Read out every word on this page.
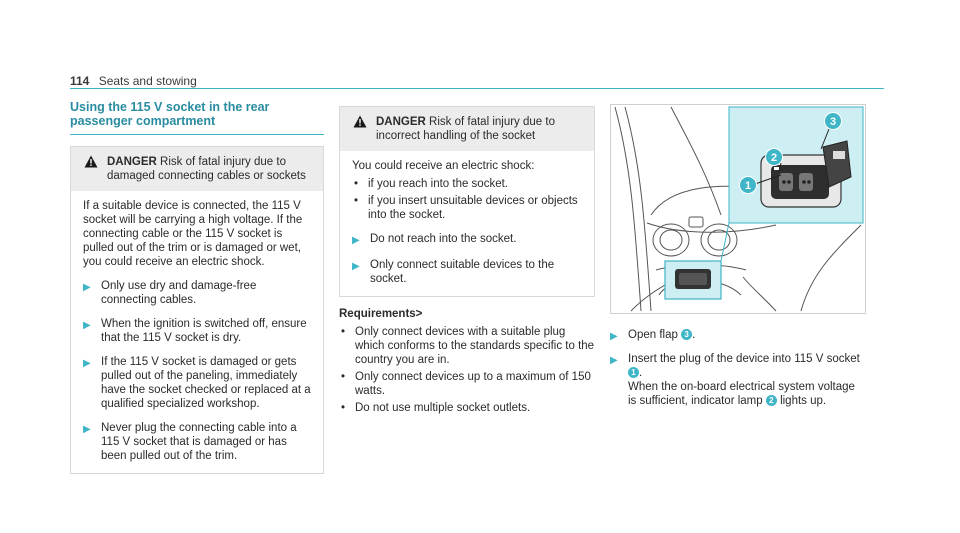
114 Seats and stowing
Using the 115 V socket in the rear passenger compartment
DANGER Risk of fatal injury due to damaged connecting cables or sockets
If a suitable device is connected, the 115 V socket will be carrying a high voltage. If the connecting cable or the 115 V socket is pulled out of the trim or is damaged or wet, you could receive an electric shock.
▶ Only use dry and damage-free connecting cables.
▶ When the ignition is switched off, ensure that the 115 V socket is dry.
▶ If the 115 V socket is damaged or gets pulled out of the paneling, immediately have the socket checked or replaced at a qualified specialized workshop.
▶ Never plug the connecting cable into a 115 V socket that is damaged or has been pulled out of the trim.
DANGER Risk of fatal injury due to incorrect handling of the socket
You could receive an electric shock:
• if you reach into the socket.
• if you insert unsuitable devices or objects into the socket.
▶ Do not reach into the socket.
▶ Only connect suitable devices to the socket.
Requirements>
• Only connect devices with a suitable plug which conforms to the standards specific to the country you are in.
• Only connect devices up to a maximum of 150 watts.
• Do not use multiple socket outlets.
1
2
3
▶ Open flap 3 .
▶ Insert the plug of the device into 115 V socket 1 .
When the on-board electrical system voltage is sufficient, indicator lamp 2 lights up.
